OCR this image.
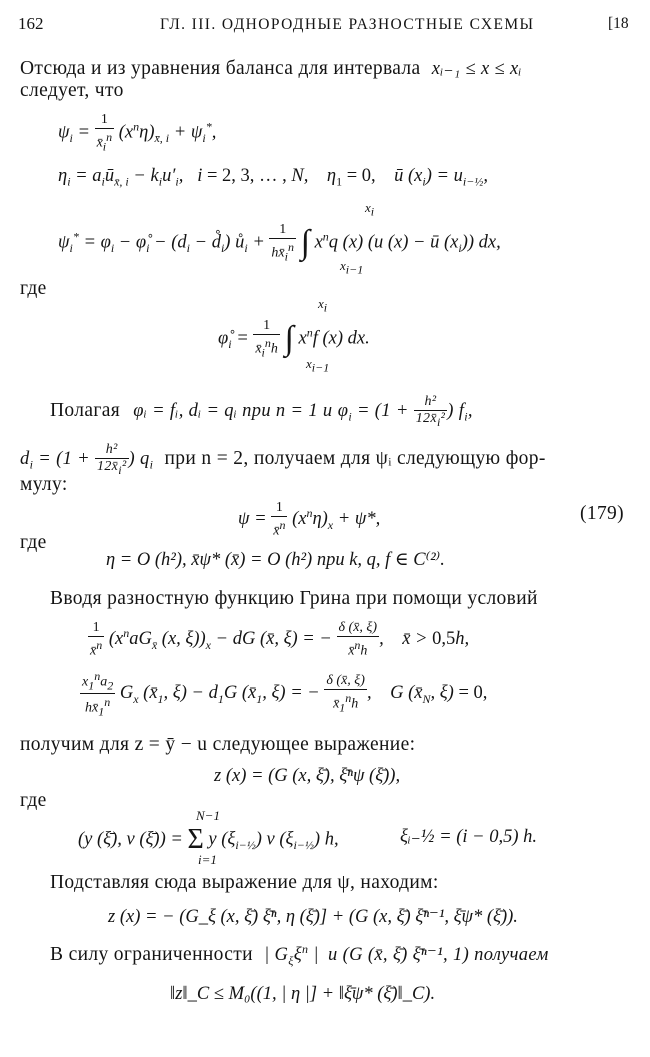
162	ГЛ. III. ОДНОРОДНЫЕ РАЗНОСТНЫЕ СХЕМЫ	[18
Отсюда и из уравнения баланса для интервала xᵢ₋₁ ≤ x ≤ xᵢ
следует, что
$\psi_i = \frac{1}{x̄_i^n} (x^n\eta)_{x̄, i} + \psi_i^*$,
$\eta_i$ = $a_iū_{x̄, i} - k_iu'_i$,   i = 2, 3, … , N,    $\eta_1 = 0$, ū $(x_i) = u_{i-\frac{1}{2}}$,
$\psi_i^* = \varphi_i$ − $\varphi̊_i - (d_i$ − $d̊_i$) $ů_i + \frac{1}{hx̄_i^n}$ ∫ $x^nq$ (x) (u (x) − ū $(x_i)$) dx,
$x_i$
$x_{i-1}$
где
$\varphi̊_i = \frac{1}{x̄_i^nh}$ ∫ $x^nf$ (x) dx.
$x_i$
$x_{i-1}$
Полагая φᵢ = fᵢ, dᵢ = qᵢ при n = 1 и $\varphi_i = (1 + \frac{\text{h²}}{12x̄_i^2}$ ) $f_i$,
$d_i = (1 + \frac{\text{h²}}{12x̄_i^2}$ ) $q_i$ при n = 2, получаем для ψᵢ следующую фор-
мулу:
$\psi = \frac{1}{x̄^n} (x^n\eta)_x + \psi*$,	(179)
где
η = O (h²), x̄ψ* (x̄) = O (h²) при k, q, f ∈ C⁽²⁾.
Вводя разностную функцию Грина при помощи условий
$\frac{1}{x̄^n} (x^naG_{x̄}$ (x, $\xi))_x$ − dG (x̄, ξ) = − $\frac{\delta (x̄, \xi)}{x̄^nh}$ ,    x̄ > 0,5h,
$\frac{x_1^na_2}{hx̄_1^n} G_x$ ($x̄_1$, $\xi) - d_1G$ ($x̄_1$, ξ) = − $\frac{\delta (x̄, \xi)}{x̄_1^nh}$ ,    G ($x̄_N$, ξ) = 0,
получим для z = ȳ − u следующее выражение:
z (x) = (G (x, ξ̄), ξ̄ⁿψ (ξ̄)),
где
(y (ξ̄), v (ξ̄)) = Σ y $(\xi_{i-\frac{1}{2}})$ v $(\xi_{i-\frac{1}{2}})$ h,
N−1
i=1
ξᵢ₋½ = (i − 0,5) h.
Подставляя сюда выражение для ψ, находим:
z (x) = − (G_ξ (x, ξ̄) ξ̄ⁿ, η (ξ̄)] + (G (x, ξ̄) ξ̄ⁿ⁻¹, ξ̄ψ* (ξ̄)).
В силу ограниченности | $G_\xi\xi^n$ | и (G (x̄, ξ̄) ξ̄ⁿ⁻¹, 1) получаем
‖z‖_C ≤ M₀((1, | η |] + ‖ξ̄ψ* (ξ̄)‖_C).
